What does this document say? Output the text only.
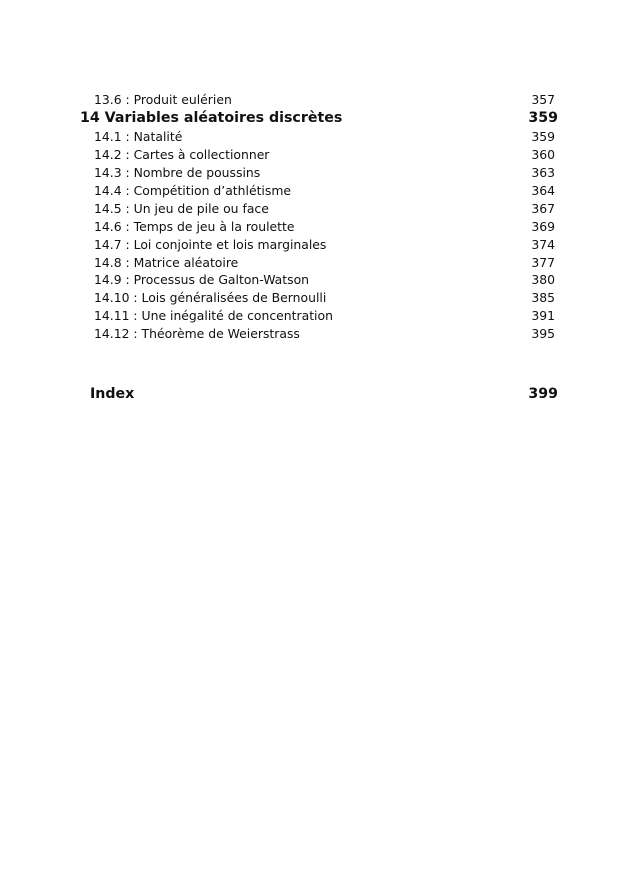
13.6 : Produit eulérien	357
14 Variables aléatoires discrètes	359
14.1 : Natalité	359
14.2 : Cartes à collectionner	360
14.3 : Nombre de poussins	363
14.4 : Compétition d’athlétisme	364
14.5 : Un jeu de pile ou face	367
14.6 : Temps de jeu à la roulette	369
14.7 : Loi conjointe et lois marginales	374
14.8 : Matrice aléatoire	377
14.9 : Processus de Galton-Watson	380
14.10 : Lois généralisées de Bernoulli	385
14.11 : Une inégalité de concentration	391
14.12 : Théorème de Weierstrass	395
Index	399
